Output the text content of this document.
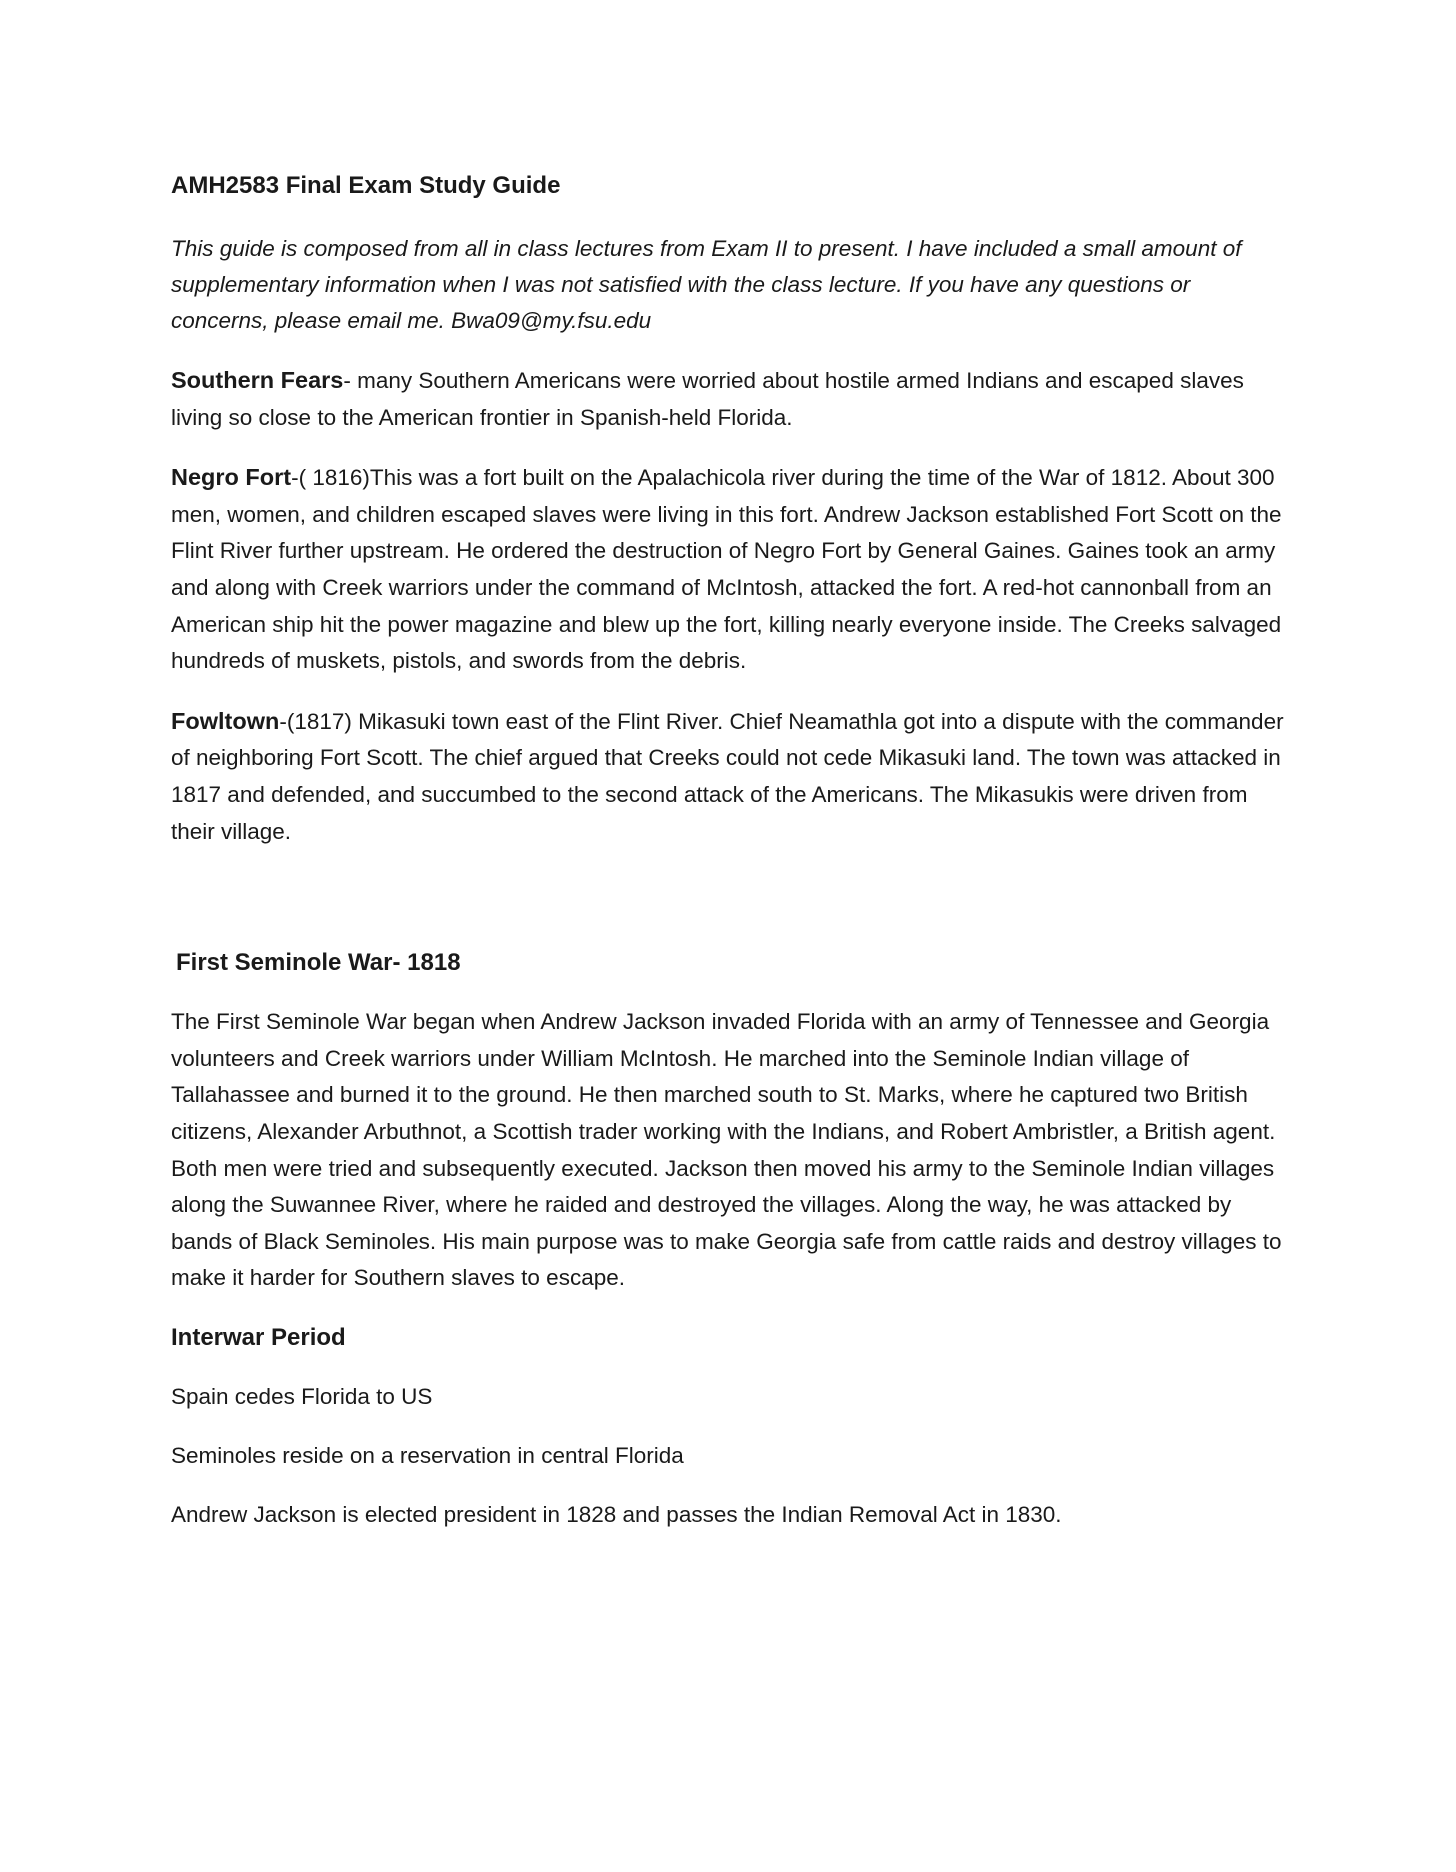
AMH2583 Final Exam Study Guide

This guide is composed from all in class lectures from Exam II to present. I have included a small amount of supplementary information when I was not satisfied with the class lecture. If you have any questions or concerns, please email me. Bwa09@my.fsu.edu

Southern Fears- many Southern Americans were worried about hostile armed Indians and escaped slaves living so close to the American frontier in Spanish-held Florida.

Negro Fort-( 1816)This was a fort built on the Apalachicola river during the time of the War of 1812. About 300 men, women, and children escaped slaves were living in this fort. Andrew Jackson established Fort Scott on the Flint River further upstream. He ordered the destruction of Negro Fort by General Gaines. Gaines took an army and along with Creek warriors under the command of McIntosh, attacked the fort. A red-hot cannonball from an American ship hit the power magazine and blew up the fort, killing nearly everyone inside. The Creeks salvaged hundreds of muskets, pistols, and swords from the debris.

Fowltown-(1817) Mikasuki town east of the Flint River. Chief Neamathla got into a dispute with the commander of neighboring Fort Scott. The chief argued that Creeks could not cede Mikasuki land. The town was attacked in 1817 and defended, and succumbed to the second attack of the Americans. The Mikasukis were driven from their village.

First Seminole War- 1818

The First Seminole War began when Andrew Jackson invaded Florida with an army of Tennessee and Georgia volunteers and Creek warriors under William McIntosh. He marched into the Seminole Indian village of Tallahassee and burned it to the ground. He then marched south to St. Marks, where he captured two British citizens, Alexander Arbuthnot, a Scottish trader working with the Indians, and Robert Ambristler, a British agent. Both men were tried and subsequently executed. Jackson then moved his army to the Seminole Indian villages along the Suwannee River, where he raided and destroyed the villages. Along the way, he was attacked by bands of Black Seminoles. His main purpose was to make Georgia safe from cattle raids and destroy villages to make it harder for Southern slaves to escape.

Interwar Period

Spain cedes Florida to US

Seminoles reside on a reservation in central Florida

Andrew Jackson is elected president in 1828 and passes the Indian Removal Act in 1830.
